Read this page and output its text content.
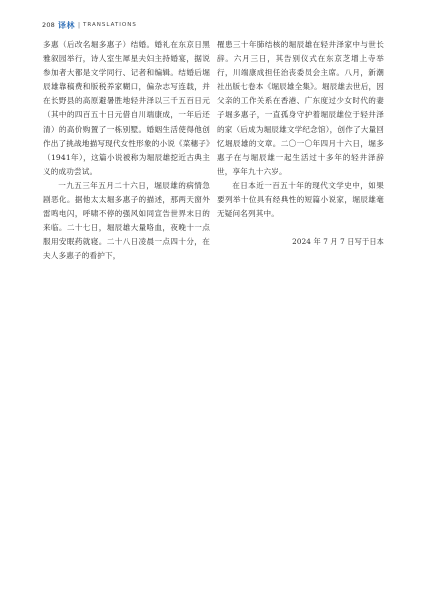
208 译林 | TRANSLATIONS

多惠（后改名堀多惠子）结婚。婚礼在东京日黑雅叙园举行，诗人室生犀星夫妇主持婚宴，据说参加者大都是文学同行、记者和编辑。结婚后堀辰雄靠稿费和版税养家糊口，偏杂志写连载，并在长野县的高原避暑胜地轻井泽以三千五百日元（其中的四百五十日元借自川端康成，一年后还清）的高价购置了一栋别墅。婚姻生活使得他创作出了挑战地描写现代女性形象的小说《菜穗子》（1941年），这篇小说被称为堀辰雄挖近古典主义的成功尝试。

一九五三年五月二十六日，堀辰雄的病情急剧恶化。据他太太堀多惠子的描述，那两天窗外雷鸣电闪，呼啸不停的强风如同宣告世界末日的来临。二十七日，堀辰雄大量咯血，夜晚十一点服用安眠药就寝。二十八日凌晨一点四十分，在夫人多惠子的看护下，

罹患三十年肺结核的堀辰雄在轻井泽家中与世长辞。六月三日，其告别仪式在东京芝增上寺举行，川端康成担任治丧委员会主席。八月，新潮社出版七卷本《堀辰雄全集》。堀辰雄去世后，因父亲的工作关系在香港、广东度过少女时代的妻子堀多惠子，一直孤身守护着堀辰雄位于轻井泽的家（后成为堀辰雄文学纪念馆），创作了大量回忆堀辰雄的文章。二〇一〇年四月十六日，堀多惠子在与堀辰雄一起生活过十多年的轻井泽辞世，享年九十六岁。

在日本近一百五十年的现代文学史中，如果要列举十位具有经典性的短篇小说家，堀辰雄毫无疑问名列其中。

2024 年 7 月 7 日写于日本
